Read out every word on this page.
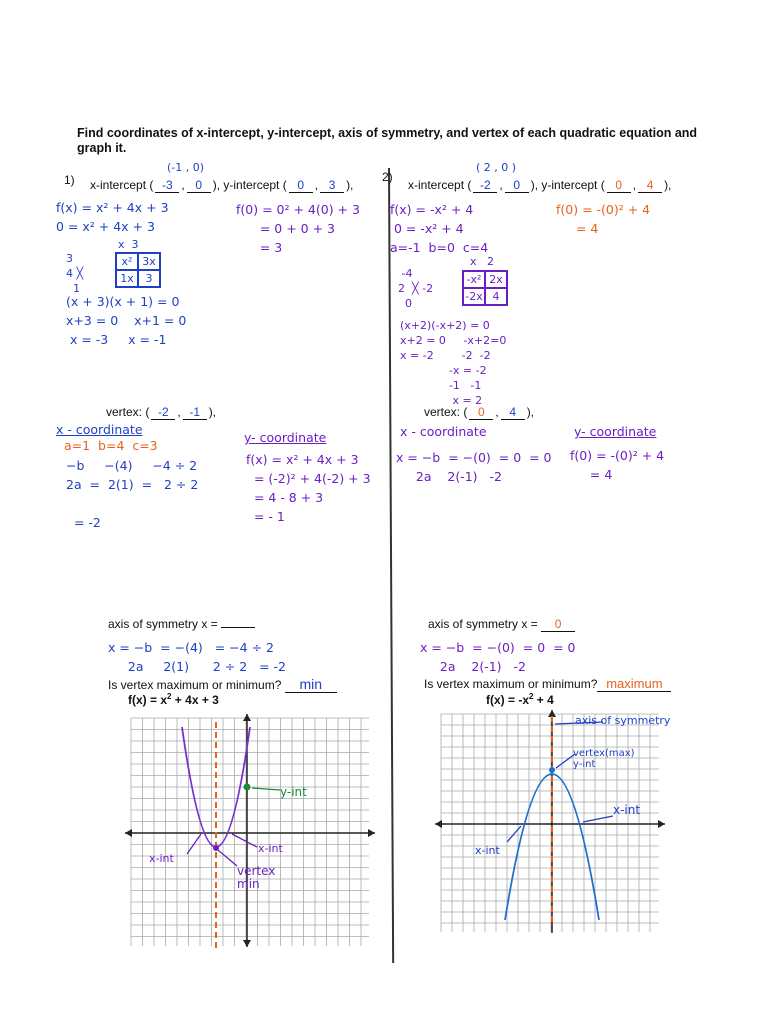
Find coordinates of x-intercept, y-intercept, axis of symmetry, and vertex of each quadratic equation and graph it.
(-1 , 0)
1) x-intercept ( -3 , 0 ), y-intercept ( 0 , 3 ),
f(x) = x² + 4x + 3
0 = x² + 4x + 3
x  3
3
4 ╳
1
x² 3x
1x	3
(x + 3)(x + 1) = 0
x+3 = 0    x+1 = 0
x = -3     x = -1
f(0) = 0² + 4(0) + 3
= 0 + 0 + 3
= 3
vertex: ( -2 , -1 ),
x - coordinate
a=1  b=4  c=3
−b     −(4)     −4 ÷ 2
2a  =  2(1)  =   2 ÷ 2

= -2
y- coordinate
f(x) = x² + 4x + 3
= (-2)² + 4(-2) + 3
= 4 - 8 + 3
= - 1
axis of symmetry x =
x = −b  = −(4)   = −4 ÷ 2
2a     2(1)      2 ÷ 2   = -2
Is vertex maximum or minimum? min
$f(x) = x^2 + 4x + 3$
y-int
x-int
x-int
vertex min
( 2 , 0 )
2)
x-intercept ( -2 , 0 ), y-intercept ( 0 , 4 ),
f(x) = -x² + 4
0 = -x² + 4
a=-1  b=0  c=4
x   2
-4
2  ╳ -2
0
-x² 2x
-2x 4
(x+2)(-x+2) = 0
x+2 = 0     -x+2=0
x = -2        -2  -2
-x = -2
-1   -1
x = 2
f(0) = -(0)² + 4
= 4
vertex: ( 0 , 4 ),
x - coordinate
x = −b  = −(0)  = 0  = 0
2a    2(-1)   -2
y- coordinate
f(0) = -(0)² + 4
= 4
axis of symmetry x = 0
x = −b  = −(0)  = 0  = 0
2a    2(-1)   -2
Is vertex maximum or minimum? maximum
$f(x) = -x^2 + 4$
axis of symmetry
vertex(max) y-int
x-int
x-int
